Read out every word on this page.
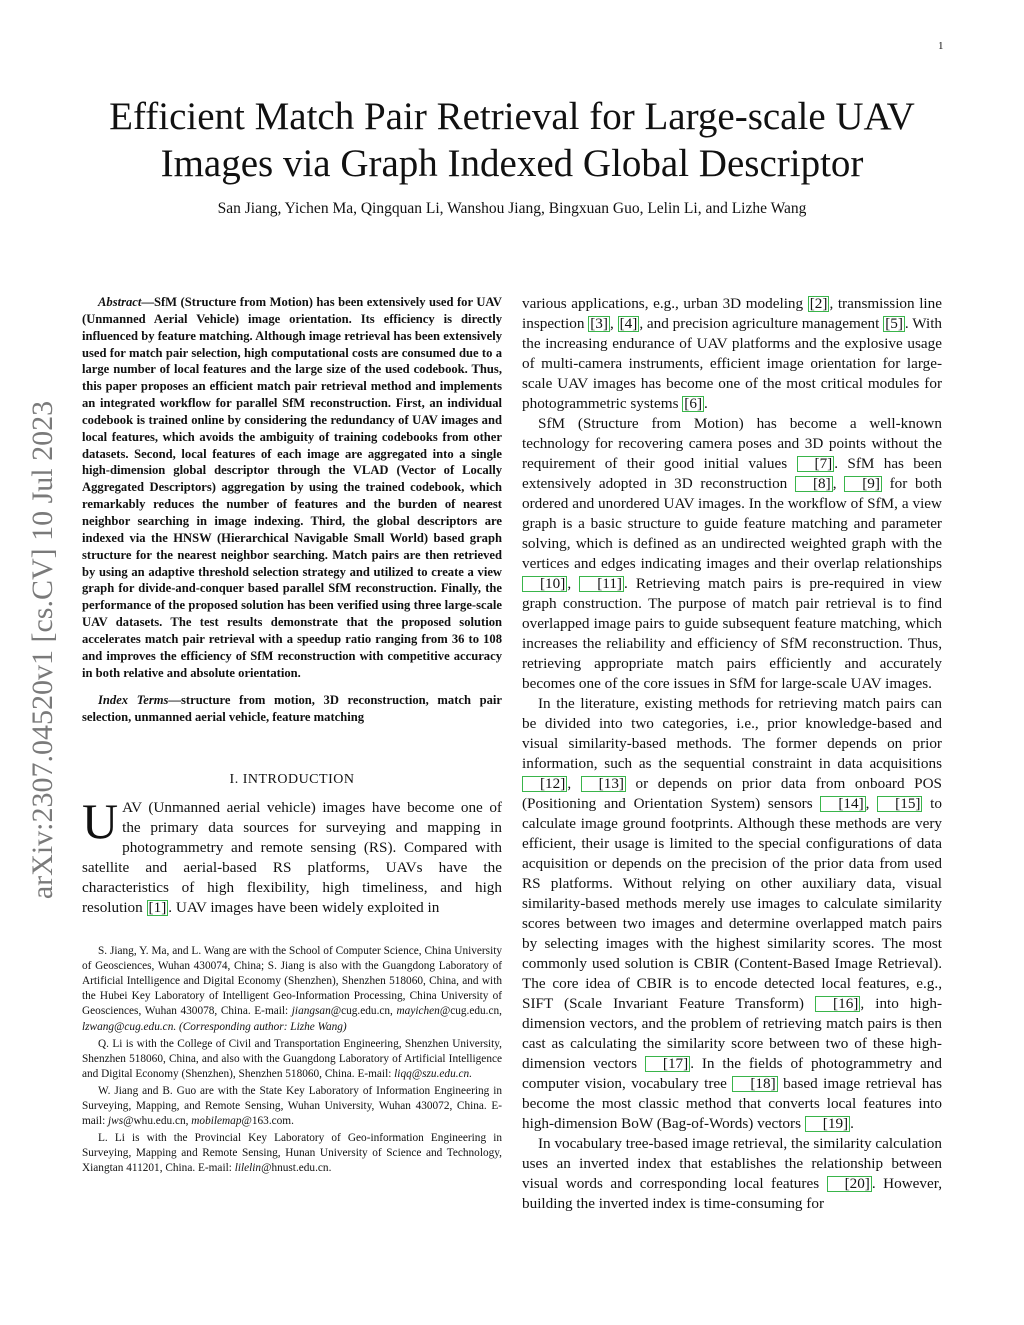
1
arXiv:2307.04520v1 [cs.CV] 10 Jul 2023
Efficient Match Pair Retrieval for Large-scale UAV
Images via Graph Indexed Global Descriptor

San Jiang, Yichen Ma, Qingquan Li, Wanshou Jiang, Bingxuan Guo, Lelin Li, and Lizhe Wang

Abstract—SfM (Structure from Motion) has been extensively used for UAV (Unmanned Aerial Vehicle) image orientation. Its efficiency is directly influenced by feature matching. Although image retrieval has been extensively used for match pair selection, high computational costs are consumed due to a large number of local features and the large size of the used codebook. Thus, this paper proposes an efficient match pair retrieval method and implements an integrated workflow for parallel SfM reconstruction. First, an individual codebook is trained online by considering the redundancy of UAV images and local features, which avoids the ambiguity of training codebooks from other datasets. Second, local features of each image are aggregated into a single high-dimension global descriptor through the VLAD (Vector of Locally Aggregated Descriptors) aggregation by using the trained codebook, which remarkably reduces the number of features and the burden of nearest neighbor searching in image indexing. Third, the global descriptors are indexed via the HNSW (Hierarchical Navigable Small World) based graph structure for the nearest neighbor searching. Match pairs are then retrieved by using an adaptive threshold selection strategy and utilized to create a view graph for divide-and-conquer based parallel SfM reconstruction. Finally, the performance of the proposed solution has been verified using three large-scale UAV datasets. The test results demonstrate that the proposed solution accelerates match pair retrieval with a speedup ratio ranging from 36 to 108 and improves the efficiency of SfM reconstruction with competitive accuracy in both relative and absolute orientation.

Index Terms—structure from motion, 3D reconstruction, match pair selection, unmanned aerial vehicle, feature matching

I. INTRODUCTION

UAV (Unmanned aerial vehicle) images have become one of the primary data sources for surveying and mapping in photogrammetry and remote sensing (RS). Compared with satellite and aerial-based RS platforms, UAVs have the characteristics of high flexibility, high timeliness, and high resolution [1] . UAV images have been widely exploited in

S. Jiang, Y. Ma, and L. Wang are with the School of Computer Science, China University of Geosciences, Wuhan 430074, China; S. Jiang is also with the Guangdong Laboratory of Artificial Intelligence and Digital Economy (Shenzhen), Shenzhen 518060, China, and with the Hubei Key Laboratory of Intelligent Geo-Information Processing, China University of Geosciences, Wuhan 430078, China. E-mail: jiangsan@cug.edu.cn, mayichen@cug.edu.cn, lzwang@cug.edu.cn. (Corresponding author: Lizhe Wang)

Q. Li is with the College of Civil and Transportation Engineering, Shenzhen University, Shenzhen 518060, China, and also with the Guangdong Laboratory of Artificial Intelligence and Digital Economy (Shenzhen), Shenzhen 518060, China. E-mail: liqq@szu.edu.cn.

W. Jiang and B. Guo are with the State Key Laboratory of Information Engineering in Surveying, Mapping, and Remote Sensing, Wuhan University, Wuhan 430072, China. E-mail: jws@whu.edu.cn, mobilemap@163.com.

L. Li is with the Provincial Key Laboratory of Geo-information Engineering in Surveying, Mapping and Remote Sensing, Hunan University of Science and Technology, Xiangtan 411201, China. E-mail: lilelin@hnust.edu.cn.

various applications, e.g., urban 3D modeling [2] , transmission line inspection [3] , [4] , and precision agriculture management [5] . With the increasing endurance of UAV platforms and the explosive usage of multi-camera instruments, efficient image orientation for large-scale UAV images has become one of the most critical modules for photogrammetric systems [6] .

SfM (Structure from Motion) has become a well-known technology for recovering camera poses and 3D points without the requirement of their good initial values [7] . SfM has been extensively adopted in 3D reconstruction [8] , [9] for both ordered and unordered UAV images. In the workflow of SfM, a view graph is a basic structure to guide feature matching and parameter solving, which is defined as an undirected weighted graph with the vertices and edges indicating images and their overlap relationships [10] , [11] . Retrieving match pairs is pre-required in view graph construction. The purpose of match pair retrieval is to find overlapped image pairs to guide subsequent feature matching, which increases the reliability and efficiency of SfM reconstruction. Thus, retrieving appropriate match pairs efficiently and accurately becomes one of the core issues in SfM for large-scale UAV images.

In the literature, existing methods for retrieving match pairs can be divided into two categories, i.e., prior knowledge-based and visual similarity-based methods. The former depends on prior information, such as the sequential constraint in data acquisitions [12] , [13] or depends on prior data from onboard POS (Positioning and Orientation System) sensors [14] , [15] to calculate image ground footprints. Although these methods are very efficient, their usage is limited to the special configurations of data acquisition or depends on the precision of the prior data from used RS platforms. Without relying on other auxiliary data, visual similarity-based methods merely use images to calculate similarity scores between two images and determine overlapped match pairs by selecting images with the highest similarity scores. The most commonly used solution is CBIR (Content-Based Image Retrieval). The core idea of CBIR is to encode detected local features, e.g., SIFT (Scale Invariant Feature Transform) [16] , into high-dimension vectors, and the problem of retrieving match pairs is then cast as calculating the similarity score between two of these high-dimension vectors [17] . In the fields of photogrammetry and computer vision, vocabulary tree [18] based image retrieval has become the most classic method that converts local features into high-dimension BoW (Bag-of-Words) vectors [19] .

In vocabulary tree-based image retrieval, the similarity calculation uses an inverted index that establishes the relationship between visual words and corresponding local features [20] . However, building the inverted index is time-consuming for
